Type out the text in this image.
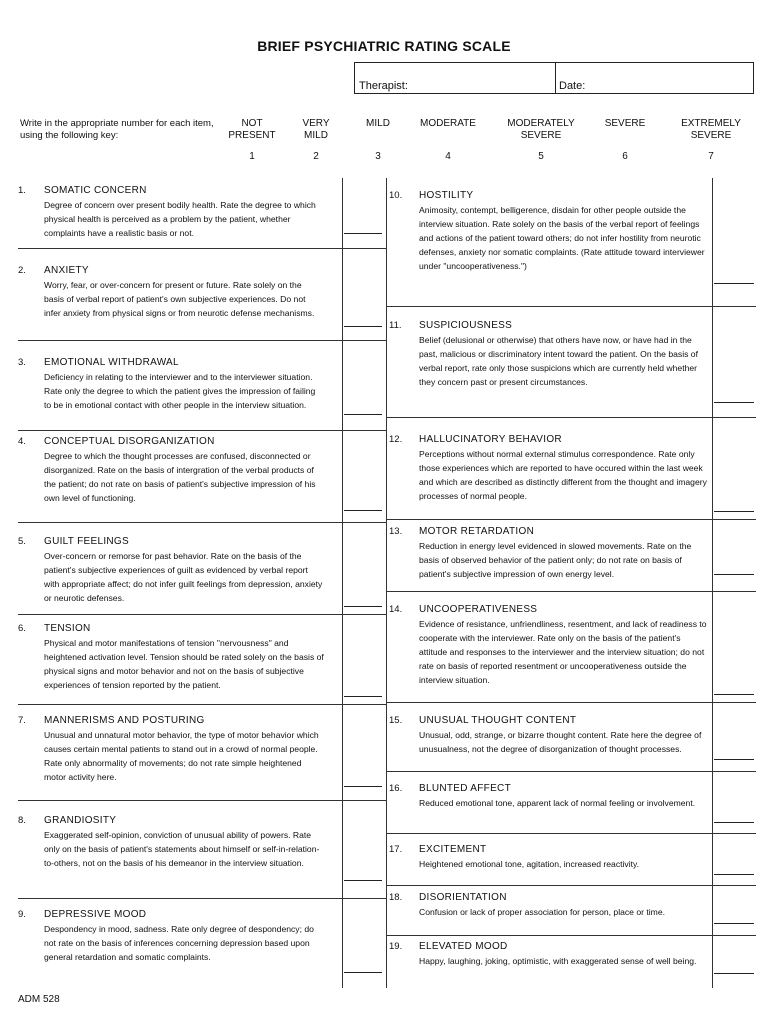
BRIEF PSYCHIATRIC RATING SCALE
Therapist:	Date:
Write in the appropriate number for each item, using the following key:
NOT
PRESENT
1
VERY
MILD
2
MILD
3
MODERATE
4
MODERATELY
SEVERE
5
SEVERE
6
EXTREMELY
SEVERE
7
1. SOMATIC CONCERN
Degree of concern over present bodily health. Rate the degree to which physical health is perceived as a problem by the patient, whether complaints have a realistic basis or not.
2. ANXIETY
Worry, fear, or over-concern for present or future. Rate solely on the basis of verbal report of patient's own subjective experiences. Do not infer anxiety from physical signs or from neurotic defense mechanisms.
3. EMOTIONAL WITHDRAWAL
Deficiency in relating to the interviewer and to the interviewer situation. Rate only the degree to which the patient gives the impression of failing to be in emotional contact with other people in the interview situation.
4. CONCEPTUAL DISORGANIZATION
Degree to which the thought processes are confused, disconnected or disorganized. Rate on the basis of intergration of the verbal products of the patient; do not rate on basis of patient's subjective impression of his own level of functioning.
5. GUILT FEELINGS
Over-concern or remorse for past behavior. Rate on the basis of the patient's subjective experiences of guilt as evidenced by verbal report with appropriate affect; do not infer guilt feelings from depression, anxiety or neurotic defenses.
6. TENSION
Physical and motor manifestations of tension "nervousness" and heightened activation level. Tension should be rated solely on the basis of physical signs and motor behavior and not on the basis of subjective experiences of tension reported by the patient.
7. MANNERISMS AND POSTURING
Unusual and unnatural motor behavior, the type of motor behavior which causes certain mental patients to stand out in a crowd of normal people. Rate only abnormality of movements; do not rate simple heightened motor activity here.
8. GRANDIOSITY
Exaggerated self-opinion, conviction of unusual ability of powers. Rate only on the basis of patient's statements about himself or self-in-relation-to-others, not on the basis of his demeanor in the interview situation.
9. DEPRESSIVE MOOD
Despondency in mood, sadness. Rate only degree of despondency; do not rate on the basis of inferences concerning depression based upon general retardation and somatic complaints.
10. HOSTILITY
Animosity, contempt, belligerence, disdain for other people outside the interview situation. Rate solely on the basis of the verbal report of feelings and actions of the patient toward others; do not infer hostility from neurotic defenses, anxiety nor somatic complaints. (Rate attitude toward interviewer under "uncooperativeness.")
11. SUSPICIOUSNESS
Belief (delusional or otherwise) that others have now, or have had in the past, malicious or discriminatory intent toward the patient. On the basis of verbal report, rate only those suspicions which are currently held whether they concern past or present circumstances.
12. HALLUCINATORY BEHAVIOR
Perceptions without normal external stimulus correspondence. Rate only those experiences which are reported to have occured within the last week and which are described as distinctly different from the thought and imagery processes of normal people.
13. MOTOR RETARDATION
Reduction in energy level evidenced in slowed movements. Rate on the basis of observed behavior of the patient only; do not rate on basis of patient's subjective impression of own energy level.
14. UNCOOPERATIVENESS
Evidence of resistance, unfriendliness, resentment, and lack of readiness to cooperate with the interviewer. Rate only on the basis of the patient's attitude and responses to the interviewer and the interview situation; do not rate on basis of reported resentment or uncooperativeness outside the interview situation.
15. UNUSUAL THOUGHT CONTENT
Unusual, odd, strange, or bizarre thought content. Rate here the degree of unusualness, not the degree of disorganization of thought processes.
16. BLUNTED AFFECT
Reduced emotional tone, apparent lack of normal feeling or involvement.
17. EXCITEMENT
Heightened emotional tone, agitation, increased reactivity.
18. DISORIENTATION
Confusion or lack of proper association for person, place or time.
19. ELEVATED MOOD
Happy, laughing, joking, optimistic, with exaggerated sense of well being.
ADM 528
